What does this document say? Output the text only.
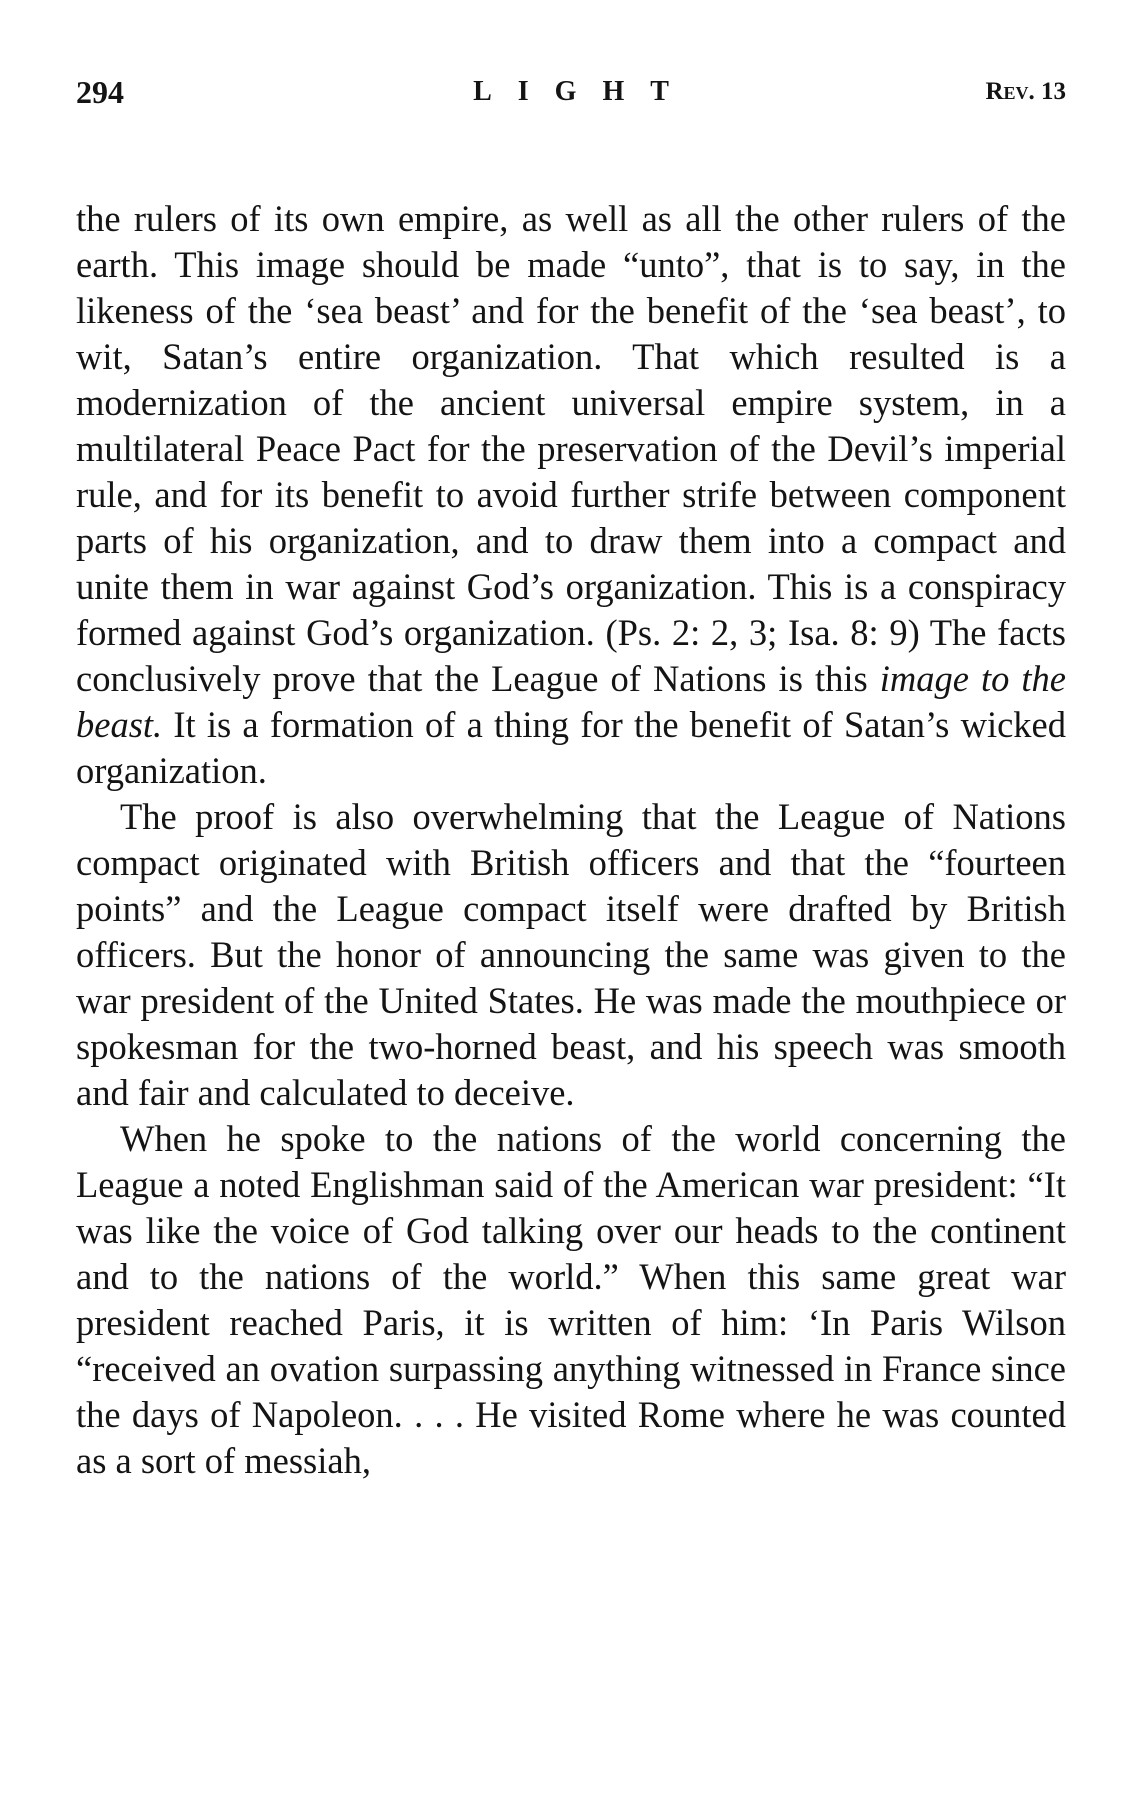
294	LIGHT	Rev. 13

the rulers of its own empire, as well as all the other rulers of the earth. This image should be made “unto”, that is to say, in the likeness of the ‘sea beast’ and for the benefit of the ‘sea beast’, to wit, Satan’s entire organization. That which resulted is a modernization of the ancient universal empire system, in a multilateral Peace Pact for the preservation of the Devil’s imperial rule, and for its benefit to avoid further strife between component parts of his organization, and to draw them into a compact and unite them in war against God’s organization. This is a conspiracy formed against God’s organization. (Ps. 2: 2, 3; Isa. 8: 9) The facts conclusively prove that the League of Nations is this image to the beast. It is a formation of a thing for the benefit of Satan’s wicked organization.

The proof is also overwhelming that the League of Nations compact originated with British officers and that the “fourteen points” and the League compact itself were drafted by British officers. But the honor of announcing the same was given to the war president of the United States. He was made the mouthpiece or spokesman for the two-horned beast, and his speech was smooth and fair and calculated to deceive.

When he spoke to the nations of the world concerning the League a noted Englishman said of the American war president: “It was like the voice of God talking over our heads to the continent and to the nations of the world.” When this same great war president reached Paris, it is written of him: ‘In Paris Wilson “received an ovation surpassing anything witnessed in France since the days of Napoleon. . . . He visited Rome where he was counted as a sort of messiah,
